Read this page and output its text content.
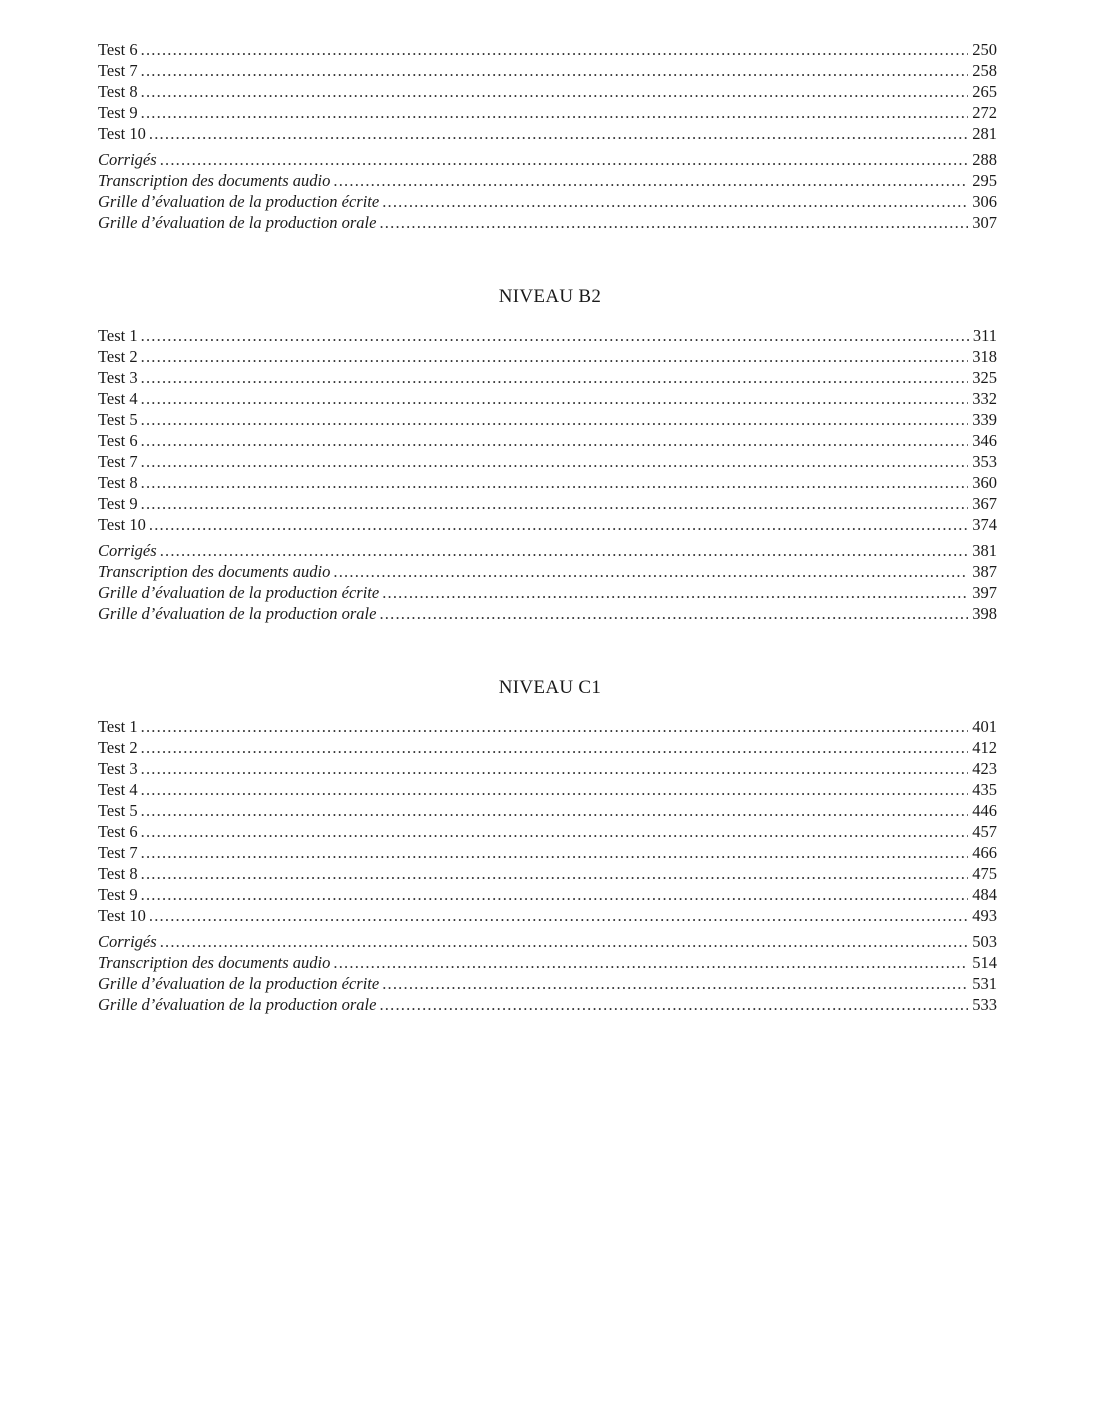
Test 6 .....	250
Test 7 .....	258
Test 8 .....	265
Test 9 .....	272
Test 10 .....	281
Corrigés .....	288
Transcription des documents audio .....	295
Grille d’évaluation de la production écrite .....	306
Grille d’évaluation de la production orale .....	307
NIVEAU B2
Test 1 .....	311
Test 2 .....	318
Test 3 .....	325
Test 4 .....	332
Test 5 .....	339
Test 6 .....	346
Test 7 .....	353
Test 8 .....	360
Test 9 .....	367
Test 10 .....	374
Corrigés .....	381
Transcription des documents audio .....	387
Grille d’évaluation de la production écrite .....	397
Grille d’évaluation de la production orale .....	398
NIVEAU C1
Test 1 .....	401
Test 2 .....	412
Test 3 .....	423
Test 4 .....	435
Test 5 .....	446
Test 6 .....	457
Test 7 .....	466
Test 8 .....	475
Test 9 .....	484
Test 10 .....	493
Corrigés .....	503
Transcription des documents audio .....	514
Grille d’évaluation de la production écrite .....	531
Grille d’évaluation de la production orale .....	533
